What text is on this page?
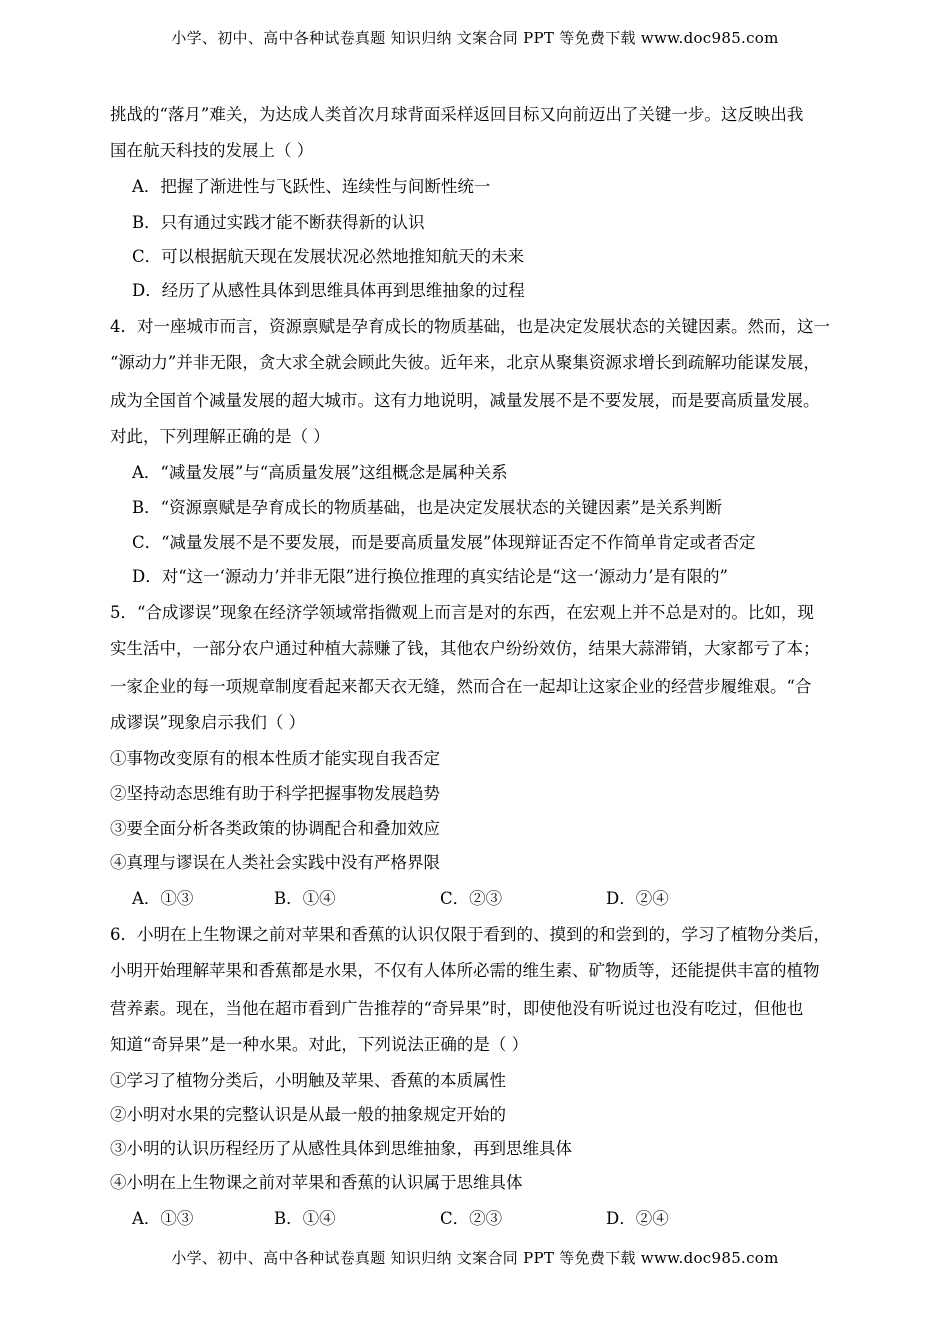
小学、初中、高中各种试卷真题 知识归纳 文案合同 PPT 等免费下载 www.doc985.com
挑战的“落月”难关，为达成人类首次月球背面采样返回目标又向前迈出了关键一步。这反映出我
国在航天科技的发展上（ ）
A．把握了渐进性与飞跃性、连续性与间断性统一
B．只有通过实践才能不断获得新的认识
C．可以根据航天现在发展状况必然地推知航天的未来
D．经历了从感性具体到思维具体再到思维抽象的过程
4．对一座城市而言，资源禀赋是孕育成长的物质基础，也是决定发展状态的关键因素。然而，这一
“源动力”并非无限，贪大求全就会顾此失彼。近年来，北京从聚集资源求增长到疏解功能谋发展，
成为全国首个减量发展的超大城市。这有力地说明，减量发展不是不要发展，而是要高质量发展。
对此，下列理解正确的是（ ）
A．“减量发展”与“高质量发展”这组概念是属种关系
B．“资源禀赋是孕育成长的物质基础，也是决定发展状态的关键因素”是关系判断
C．“减量发展不是不要发展，而是要高质量发展”体现辩证否定不作简单肯定或者否定
D．对“这一‘源动力’并非无限”进行换位推理的真实结论是“这一‘源动力’是有限的”
5．“合成谬误”现象在经济学领域常指微观上而言是对的东西，在宏观上并不总是对的。比如，现
实生活中，一部分农户通过种植大蒜赚了钱，其他农户纷纷效仿，结果大蒜滞销，大家都亏了本；
一家企业的每一项规章制度看起来都天衣无缝，然而合在一起却让这家企业的经营步履维艰。“合
成谬误”现象启示我们（ ）
①事物改变原有的根本性质才能实现自我否定
②坚持动态思维有助于科学把握事物发展趋势
③要全面分析各类政策的协调配合和叠加效应
④真理与谬误在人类社会实践中没有严格界限
A．①③	B．①④	C．②③	D．②④
6．小明在上生物课之前对苹果和香蕉的认识仅限于看到的、摸到的和尝到的，学习了植物分类后，
小明开始理解苹果和香蕉都是水果，不仅有人体所必需的维生素、矿物质等，还能提供丰富的植物
营养素。现在，当他在超市看到广告推荐的“奇异果”时，即使他没有听说过也没有吃过，但他也
知道“奇异果”是一种水果。对此，下列说法正确的是（ ）
①学习了植物分类后，小明触及苹果、香蕉的本质属性
②小明对水果的完整认识是从最一般的抽象规定开始的
③小明的认识历程经历了从感性具体到思维抽象，再到思维具体
④小明在上生物课之前对苹果和香蕉的认识属于思维具体
A．①③	B．①④	C．②③	D．②④
小学、初中、高中各种试卷真题 知识归纳 文案合同 PPT 等免费下载 www.doc985.com
